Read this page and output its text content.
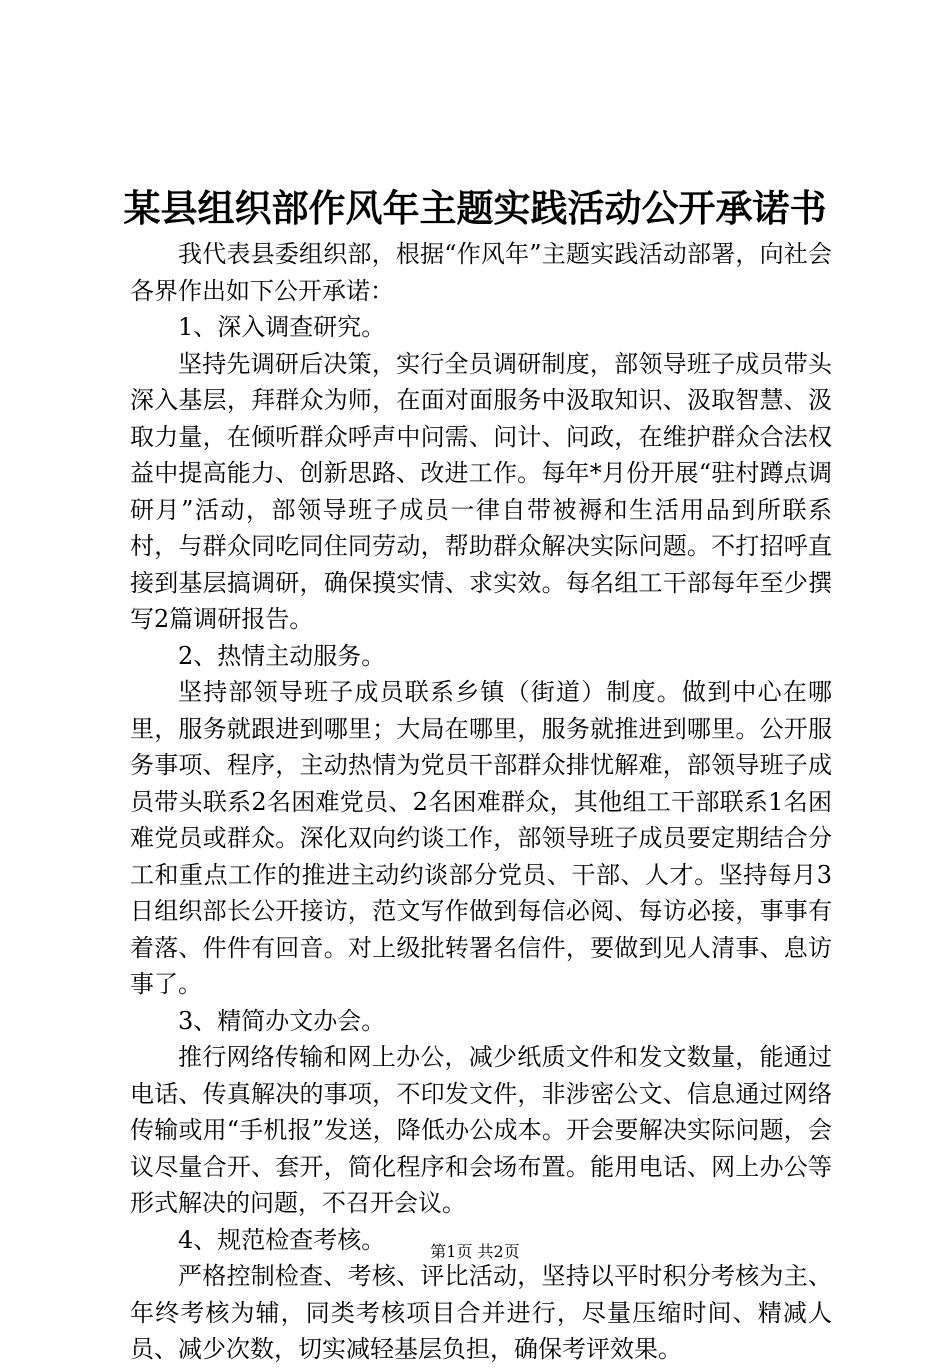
某县组织部作风年主题实践活动公开承诺书

我代表县委组织部，根据“作风年”主题实践活动部署，向社会各界作出如下公开承诺：

1、深入调查研究。

坚持先调研后决策，实行全员调研制度，部领导班子成员带头深入基层，拜群众为师，在面对面服务中汲取知识、汲取智慧、汲取力量，在倾听群众呼声中问需、问计、问政，在维护群众合法权益中提高能力、创新思路、改进工作。每年*月份开展“驻村蹲点调研月”活动，部领导班子成员一律自带被褥和生活用品到所联系村，与群众同吃同住同劳动，帮助群众解决实际问题。不打招呼直接到基层搞调研，确保摸实情、求实效。每名组工干部每年至少撰写2篇调研报告。

2、热情主动服务。

坚持部领导班子成员联系乡镇（街道）制度。做到中心在哪里，服务就跟进到哪里；大局在哪里，服务就推进到哪里。公开服务事项、程序，主动热情为党员干部群众排忧解难，部领导班子成员带头联系2名困难党员、2名困难群众，其他组工干部联系1名困难党员或群众。深化双向约谈工作，部领导班子成员要定期结合分工和重点工作的推进主动约谈部分党员、干部、人才。坚持每月3日组织部长公开接访，范文写作做到每信必阅、每访必接，事事有着落、件件有回音。对上级批转署名信件，要做到见人清事、息访事了。

3、精简办文办会。

推行网络传输和网上办公，减少纸质文件和发文数量，能通过电话、传真解决的事项，不印发文件，非涉密公文、信息通过网络传输或用“手机报”发送，降低办公成本。开会要解决实际问题，会议尽量合开、套开，简化程序和会场布置。能用电话、网上办公等形式解决的问题，不召开会议。

4、规范检查考核。

严格控制检查、考核、评比活动，坚持以平时积分考核为主、年终考核为辅，同类考核项目合并进行，尽量压缩时间、精减人员、减少次数，切实减轻基层负担，确保考评效果。

第1页 共2页
